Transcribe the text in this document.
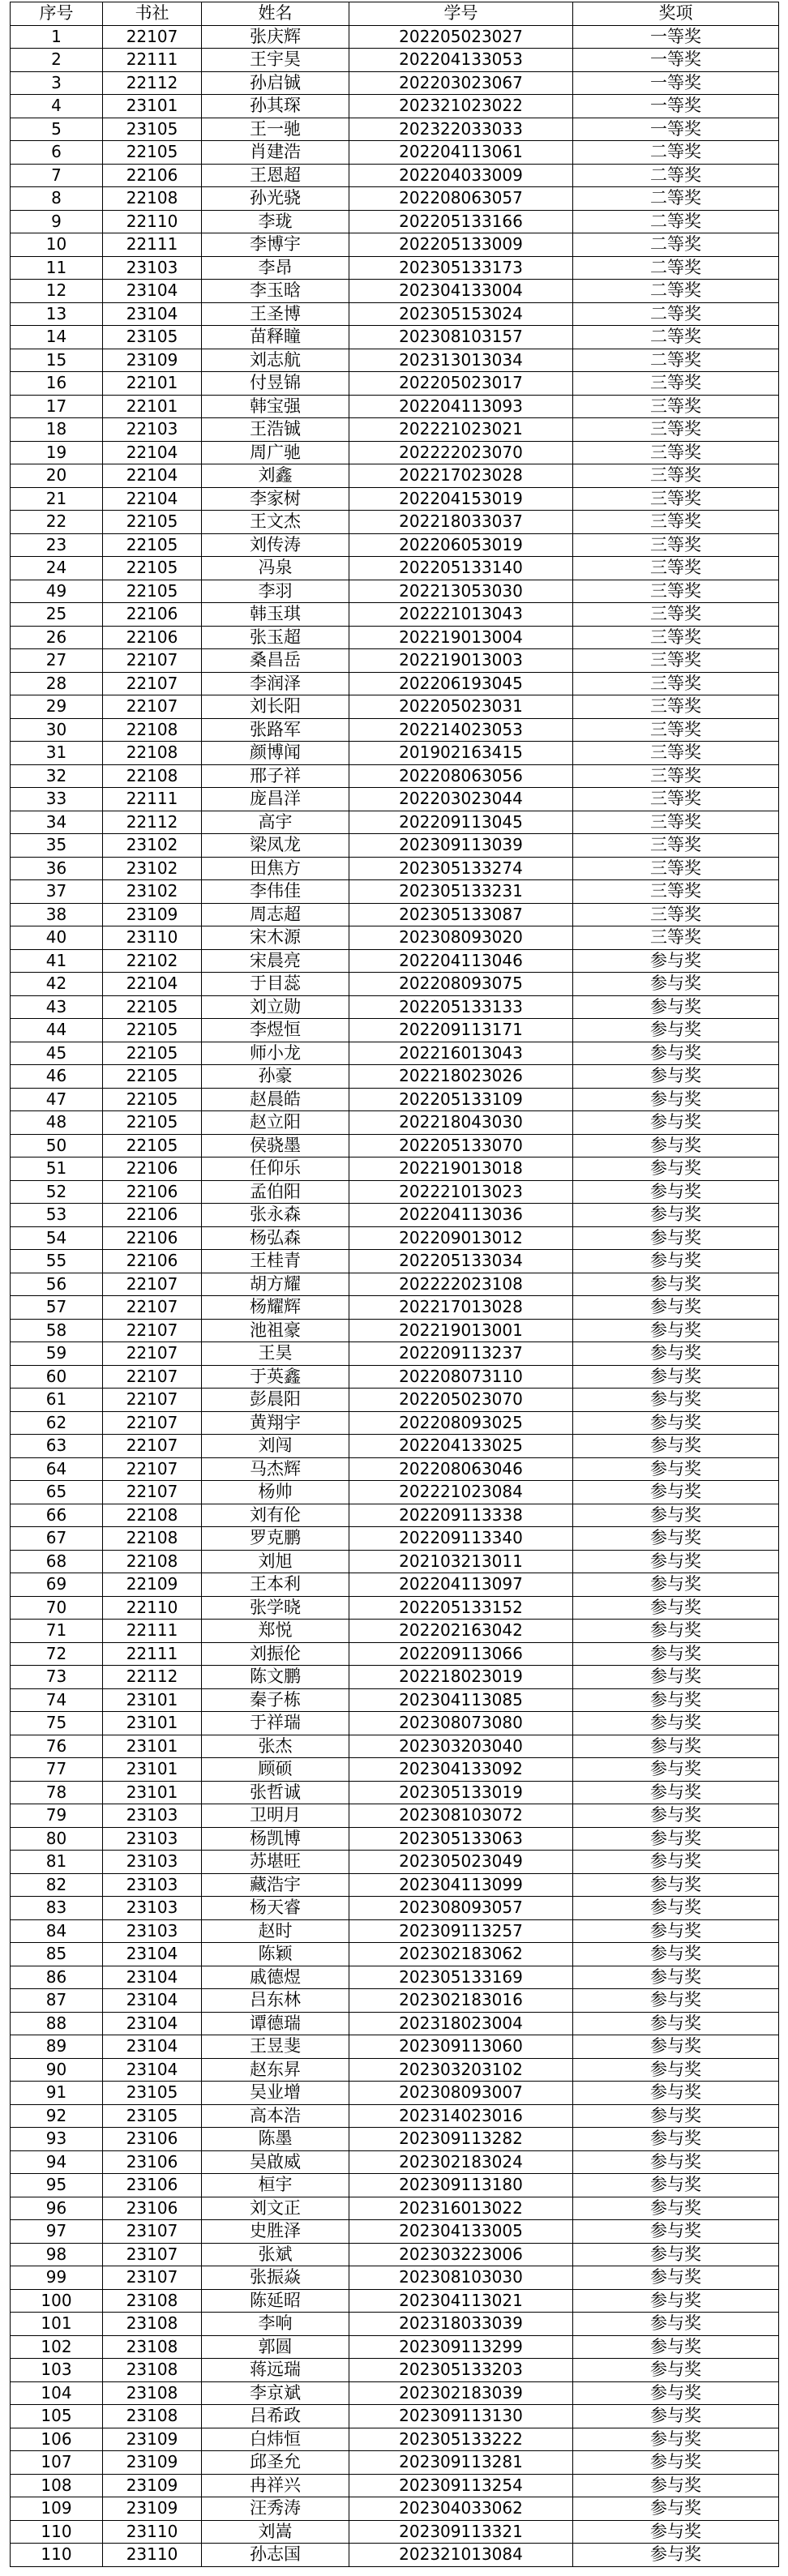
序号	书社	姓名	学号	奖项
1	22107	张庆辉	202205023027	一等奖
2	22111	王宇昊	202204133053	一等奖
3	22112	孙启铖	202203023067	一等奖
4	23101	孙其琛	202321023022	一等奖
5	23105	王一驰	202322033033	一等奖
6	22105	肖建浩	202204113061	二等奖
7	22106	王恩超	202204033009	二等奖
8	22108	孙光骁	202208063057	二等奖
9	22110	李珑	202205133166	二等奖
10	22111	李博宇	202205133009	二等奖
11	23103	李昂	202305133173	二等奖
12	23104	李玉晗	202304133004	二等奖
13	23104	王圣博	202305153024	二等奖
14	23105	苗释瞳	202308103157	二等奖
15	23109	刘志航	202313013034	二等奖
16	22101	付昱锦	202205023017	三等奖
17	22101	韩宝强	202204113093	三等奖
18	22103	王浩铖	202221023021	三等奖
19	22104	周广驰	202222023070	三等奖
20	22104	刘鑫	202217023028	三等奖
21	22104	李家树	202204153019	三等奖
22	22105	王文杰	202218033037	三等奖
23	22105	刘传涛	202206053019	三等奖
24	22105	冯泉	202205133140	三等奖
49	22105	李羽	202213053030	三等奖
25	22106	韩玉琪	202221013043	三等奖
26	22106	张玉超	202219013004	三等奖
27	22107	桑昌岳	202219013003	三等奖
28	22107	李润泽	202206193045	三等奖
29	22107	刘长阳	202205023031	三等奖
30	22108	张路军	202214023053	三等奖
31	22108	颜博闻	201902163415	三等奖
32	22108	邢子祥	202208063056	三等奖
33	22111	庞昌洋	202203023044	三等奖
34	22112	高宇	202209113045	三等奖
35	23102	梁凤龙	202309113039	三等奖
36	23102	田焦方	202305133274	三等奖
37	23102	李伟佳	202305133231	三等奖
38	23109	周志超	202305133087	三等奖
40	23110	宋木源	202308093020	三等奖
41	22102	宋晨亮	202204113046	参与奖
42	22104	于目蕊	202208093075	参与奖
43	22105	刘立勋	202205133133	参与奖
44	22105	李煜恒	202209113171	参与奖
45	22105	师小龙	202216013043	参与奖
46	22105	孙豪	202218023026	参与奖
47	22105	赵晨皓	202205133109	参与奖
48	22105	赵立阳	202218043030	参与奖
50	22105	侯骁墨	202205133070	参与奖
51	22106	任仰乐	202219013018	参与奖
52	22106	孟伯阳	202221013023	参与奖
53	22106	张永森	202204113036	参与奖
54	22106	杨弘森	202209013012	参与奖
55	22106	王桂青	202205133034	参与奖
56	22107	胡方耀	202222023108	参与奖
57	22107	杨耀辉	202217013028	参与奖
58	22107	池祖豪	202219013001	参与奖
59	22107	王昊	202209113237	参与奖
60	22107	于英鑫	202208073110	参与奖
61	22107	彭晨阳	202205023070	参与奖
62	22107	黄翔宇	202208093025	参与奖
63	22107	刘闯	202204133025	参与奖
64	22107	马杰辉	202208063046	参与奖
65	22107	杨帅	202221023084	参与奖
66	22108	刘有伦	202209113338	参与奖
67	22108	罗克鹏	202209113340	参与奖
68	22108	刘旭	202103213011	参与奖
69	22109	王本利	202204113097	参与奖
70	22110	张学晓	202205133152	参与奖
71	22111	郑悦	202202163042	参与奖
72	22111	刘振伦	202209113066	参与奖
73	22112	陈文鹏	202218023019	参与奖
74	23101	秦子栋	202304113085	参与奖
75	23101	于祥瑞	202308073080	参与奖
76	23101	张杰	202303203040	参与奖
77	23101	顾硕	202304133092	参与奖
78	23101	张哲诚	202305133019	参与奖
79	23103	卫明月	202308103072	参与奖
80	23103	杨凯博	202305133063	参与奖
81	23103	苏堪旺	202305023049	参与奖
82	23103	藏浩宇	202304113099	参与奖
83	23103	杨天睿	202308093057	参与奖
84	23103	赵时	202309113257	参与奖
85	23104	陈颖	202302183062	参与奖
86	23104	戚德煜	202305133169	参与奖
87	23104	吕东林	202302183016	参与奖
88	23104	谭德瑞	202318023004	参与奖
89	23104	王昱斐	202309113060	参与奖
90	23104	赵东昇	202303203102	参与奖
91	23105	吴业增	202308093007	参与奖
92	23105	高本浩	202314023016	参与奖
93	23106	陈墨	202309113282	参与奖
94	23106	吴啟威	202302183024	参与奖
95	23106	桓宇	202309113180	参与奖
96	23106	刘文正	202316013022	参与奖
97	23107	史胜泽	202304133005	参与奖
98	23107	张斌	202303223006	参与奖
99	23107	张振焱	202308103030	参与奖
100	23108	陈延昭	202304113021	参与奖
101	23108	李响	202318033039	参与奖
102	23108	郭圆	202309113299	参与奖
103	23108	蒋远瑞	202305133203	参与奖
104	23108	李京斌	202302183039	参与奖
105	23108	吕希政	202309113130	参与奖
106	23109	白炜恒	202305133222	参与奖
107	23109	邱圣允	202309113281	参与奖
108	23109	冉祥兴	202309113254	参与奖
109	23109	汪秀涛	202304033062	参与奖
110	23110	刘嵩	202309113321	参与奖
110	23110	孙志国	202321013084	参与奖
